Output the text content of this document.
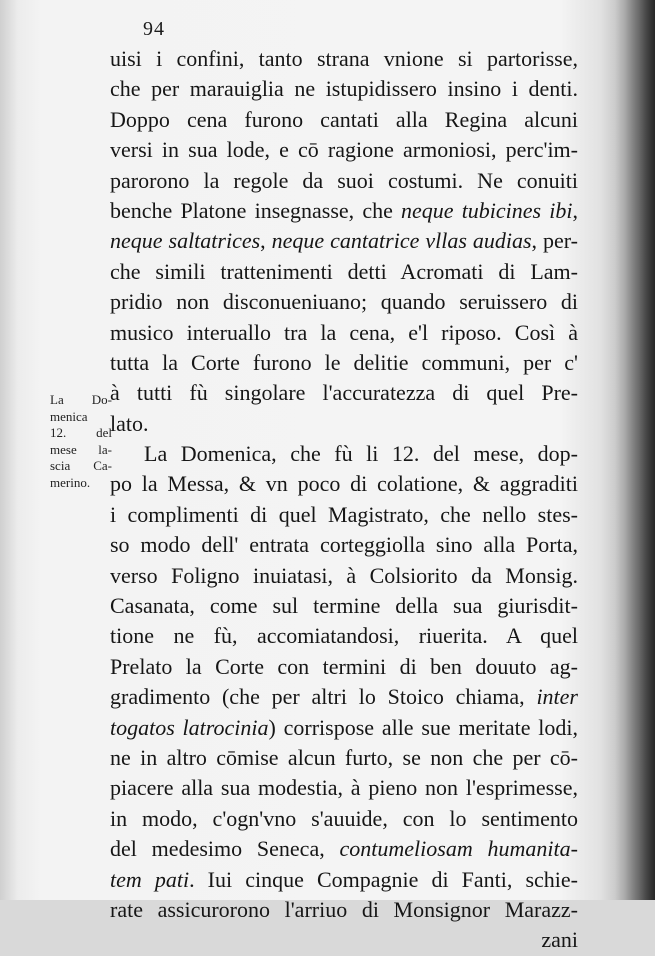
94
La Do-
menica
12. del
mese la-
scia Ca-
merino.
uisi i confini, tanto strana vnione si partorisse,
che per marauiglia ne istupidissero insino i denti.
Doppo cena furono cantati alla Regina alcuni
versi in sua lode, e cō ragione armoniosi, perc'im-
parorono la regole da suoi costumi. Ne conuiti
benche Platone insegnasse, che neque tubicines ibi,
neque saltatrices, neque cantatrice vllas audias, per-
che simili trattenimenti detti Acromati di Lam-
pridio non disconueniuano; quando seruissero di
musico interuallo tra la cena, e'l riposo. Così à
tutta la Corte furono le delitie communi, per c'
à tutti fù singolare l'accuratezza di quel Pre-
lato.
La Domenica, che fù li 12. del mese, dop-
po la Messa, & vn poco di colatione, & aggraditi
i complimenti di quel Magistrato, che nello stes-
so modo dell' entrata corteggiolla sino alla Porta,
verso Foligno inuiatasi, à Colsiorito da Monsig.
Casanata, come sul termine della sua giurisdit-
tione ne fù, accomiatandosi, riuerita. A quel
Prelato la Corte con termini di ben douuto ag-
gradimento (che per altri lo Stoico chiama, inter
togatos latrocinia) corrispose alle sue meritate lodi,
ne in altro cōmise alcun furto, se non che per cō-
piacere alla sua modestia, à pieno non l'esprimesse,
in modo, c'ogn'vno s'auuide, con lo sentimento
del medesimo Seneca, contumeliosam humanita-
tem pati. Iui cinque Compagnie di Fanti, schie-
rate assicurorono l'arriuo di Monsignor Marazz-
zani
